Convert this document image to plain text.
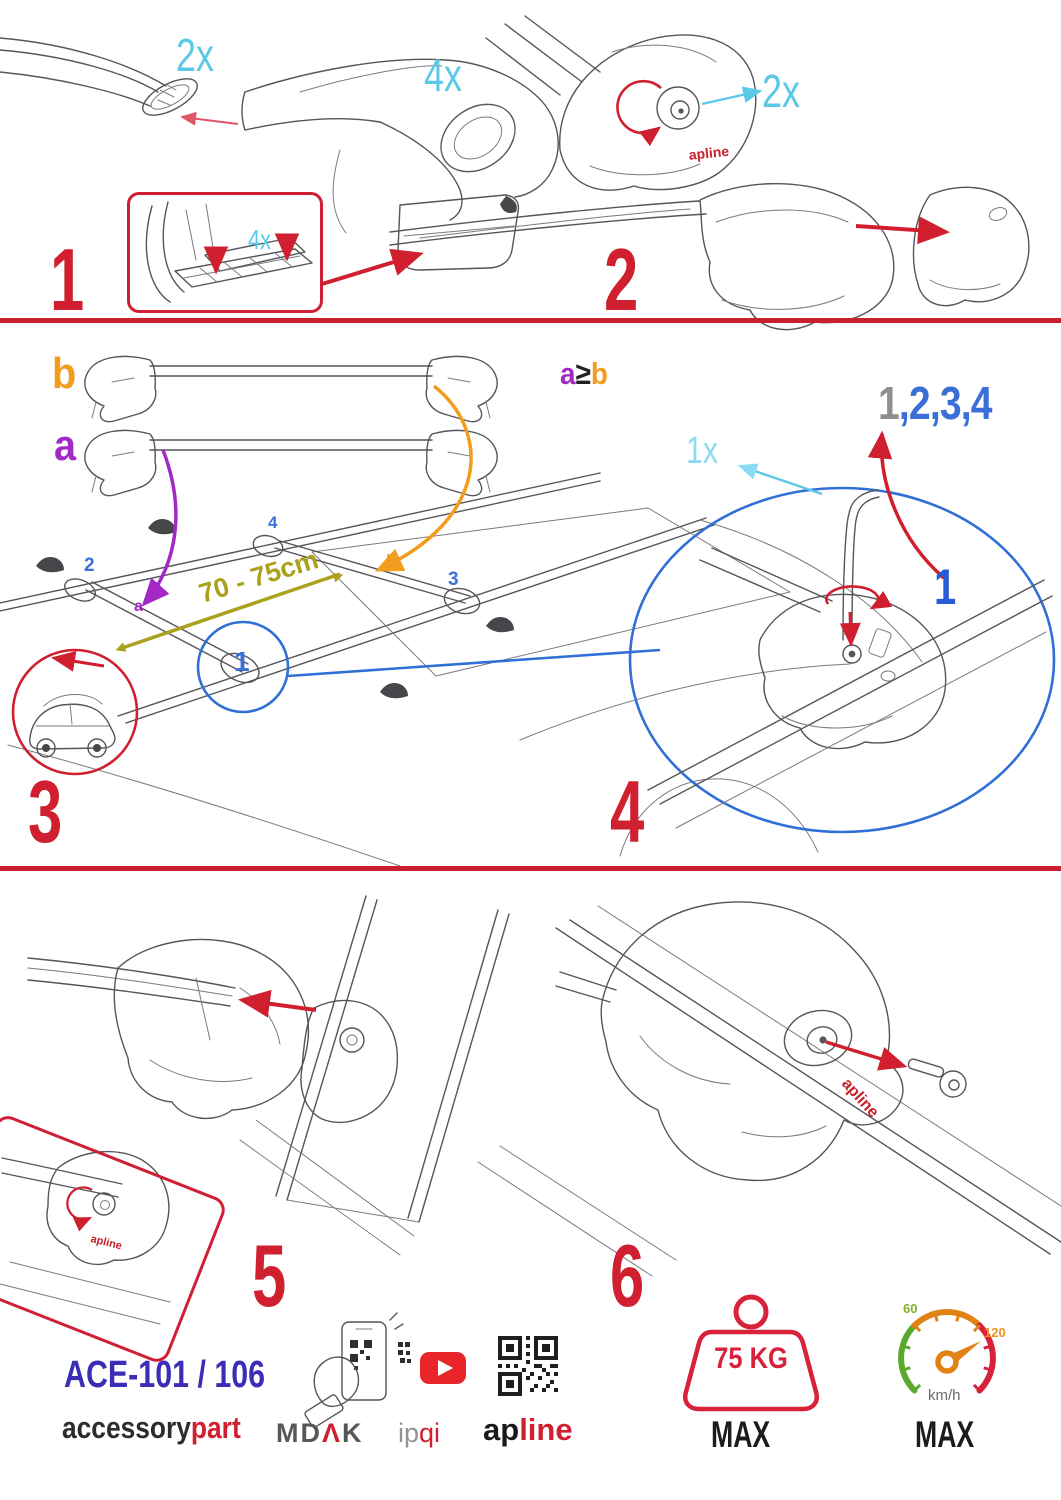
1	2
3	4
5	6
2x	4x
4x
2x
1x
b
a
2
4
3
b
a
1
70 - 75cm
a≥b
1,2,3,4
1
apline
apline
apline
ACE-101 / 106
accessorypart MDΛK ipqi apline
75 KG
MAX
60
120
km/h
MAX
